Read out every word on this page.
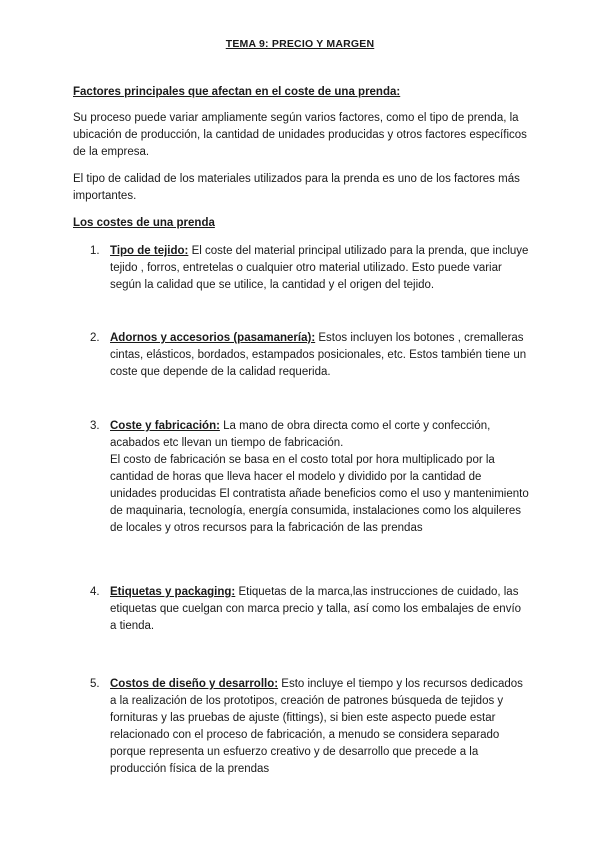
TEMA 9: PRECIO Y MARGEN
Factores principales que afectan en el coste de una prenda:
Su proceso puede variar ampliamente según varios factores, como el tipo de prenda, la ubicación de producción, la cantidad de unidades producidas y otros factores específicos de la empresa.
El tipo de calidad de los materiales utilizados para la prenda es uno de los factores más importantes.
Los costes de una prenda
1. Tipo de tejido: El coste del material principal utilizado para la prenda, que incluye tejido , forros, entretelas o cualquier otro material utilizado. Esto puede variar según la calidad que se utilice, la cantidad y el origen del tejido.
2. Adornos y accesorios (pasamanería): Estos incluyen los botones , cremalleras cintas, elásticos, bordados, estampados posicionales, etc. Estos también tiene un coste que depende de la calidad requerida.
3. Coste y fabricación: La mano de obra directa como el corte y confección, acabados etc llevan un tiempo de fabricación.
El costo de fabricación se basa en el costo total por hora multiplicado por la cantidad de horas que lleva hacer el modelo y dividido por la cantidad de unidades producidas El contratista añade beneficios como el uso y mantenimiento de maquinaria, tecnología, energía consumida, instalaciones como los alquileres de locales y otros recursos para la fabricación de las prendas
4. Etiquetas y packaging: Etiquetas de la marca,las instrucciones de cuidado, las etiquetas que cuelgan con marca precio y talla, así como los embalajes de envío a tienda.
5. Costos de diseño y desarrollo: Esto incluye el tiempo y los recursos dedicados a la realización de los prototipos, creación de patrones búsqueda de tejidos y fornituras y las pruebas de ajuste (fittings), si bien este aspecto puede estar relacionado con el proceso de fabricación, a menudo se considera separado porque representa un esfuerzo creativo y de desarrollo que precede a la producción física de la prendas
